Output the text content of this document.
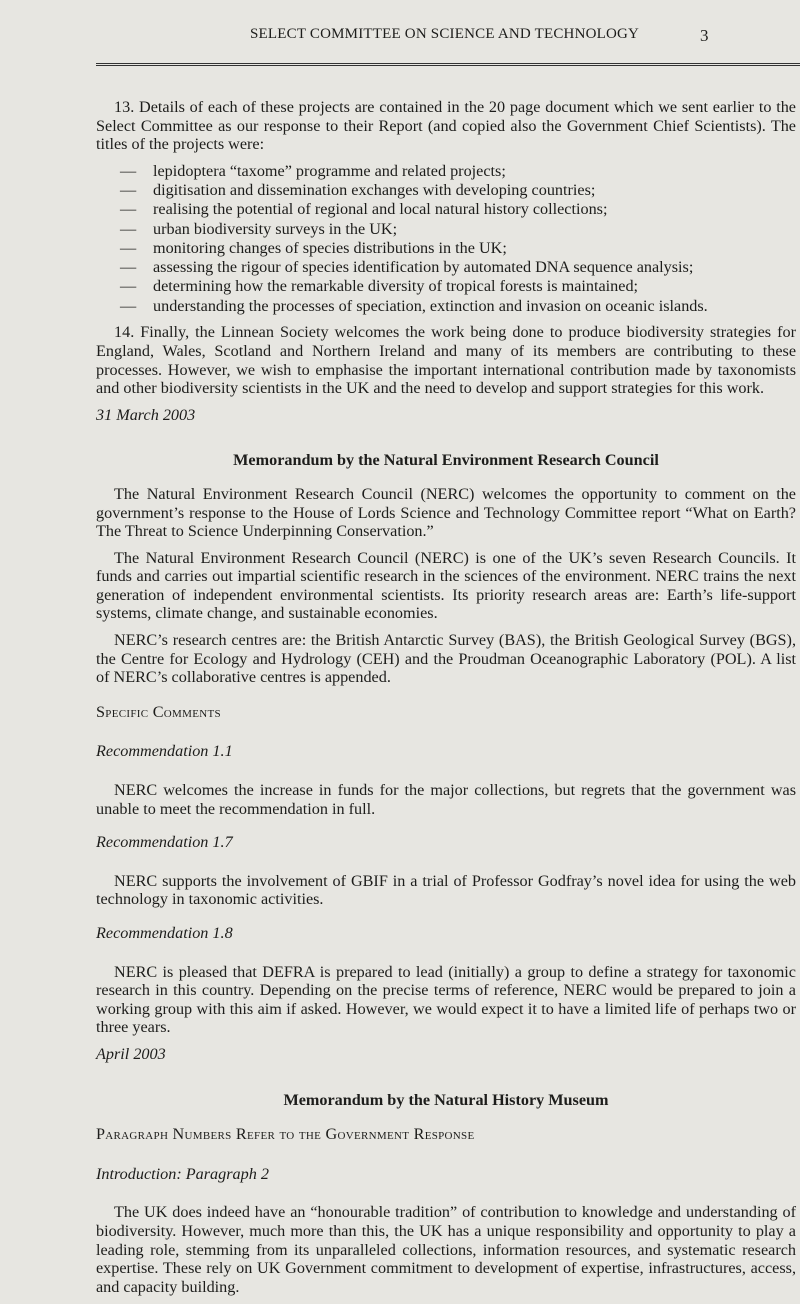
SELECT COMMITTEE ON SCIENCE AND TECHNOLOGY	3

13. Details of each of these projects are contained in the 20 page document which we sent earlier to the Select Committee as our response to their Report (and copied also the Government Chief Scientists). The titles of the projects were:

— lepidoptera “taxome” programme and related projects;
— digitisation and dissemination exchanges with developing countries;
— realising the potential of regional and local natural history collections;
— urban biodiversity surveys in the UK;
— monitoring changes of species distributions in the UK;
— assessing the rigour of species identification by automated DNA sequence analysis;
— determining how the remarkable diversity of tropical forests is maintained;
— understanding the processes of speciation, extinction and invasion on oceanic islands.

14. Finally, the Linnean Society welcomes the work being done to produce biodiversity strategies for England, Wales, Scotland and Northern Ireland and many of its members are contributing to these processes. However, we wish to emphasise the important international contribution made by taxonomists and other biodiversity scientists in the UK and the need to develop and support strategies for this work.

31 March 2003

Memorandum by the Natural Environment Research Council

The Natural Environment Research Council (NERC) welcomes the opportunity to comment on the government’s response to the House of Lords Science and Technology Committee report “What on Earth? The Threat to Science Underpinning Conservation.”

The Natural Environment Research Council (NERC) is one of the UK’s seven Research Councils. It funds and carries out impartial scientific research in the sciences of the environment. NERC trains the next generation of independent environmental scientists. Its priority research areas are: Earth’s life-support systems, climate change, and sustainable economies.

NERC’s research centres are: the British Antarctic Survey (BAS), the British Geological Survey (BGS), the Centre for Ecology and Hydrology (CEH) and the Proudman Oceanographic Laboratory (POL). A list of NERC’s collaborative centres is appended.

Specific Comments

Recommendation 1.1

NERC welcomes the increase in funds for the major collections, but regrets that the government was unable to meet the recommendation in full.

Recommendation 1.7

NERC supports the involvement of GBIF in a trial of Professor Godfray’s novel idea for using the web technology in taxonomic activities.

Recommendation 1.8

NERC is pleased that DEFRA is prepared to lead (initially) a group to define a strategy for taxonomic research in this country. Depending on the precise terms of reference, NERC would be prepared to join a working group with this aim if asked. However, we would expect it to have a limited life of perhaps two or three years.

April 2003

Memorandum by the Natural History Museum

Paragraph Numbers Refer to the Government Response

Introduction: Paragraph 2

The UK does indeed have an “honourable tradition” of contribution to knowledge and understanding of biodiversity. However, much more than this, the UK has a unique responsibility and opportunity to play a leading role, stemming from its unparalleled collections, information resources, and systematic research expertise. These rely on UK Government commitment to development of expertise, infrastructures, access, and capacity building.
